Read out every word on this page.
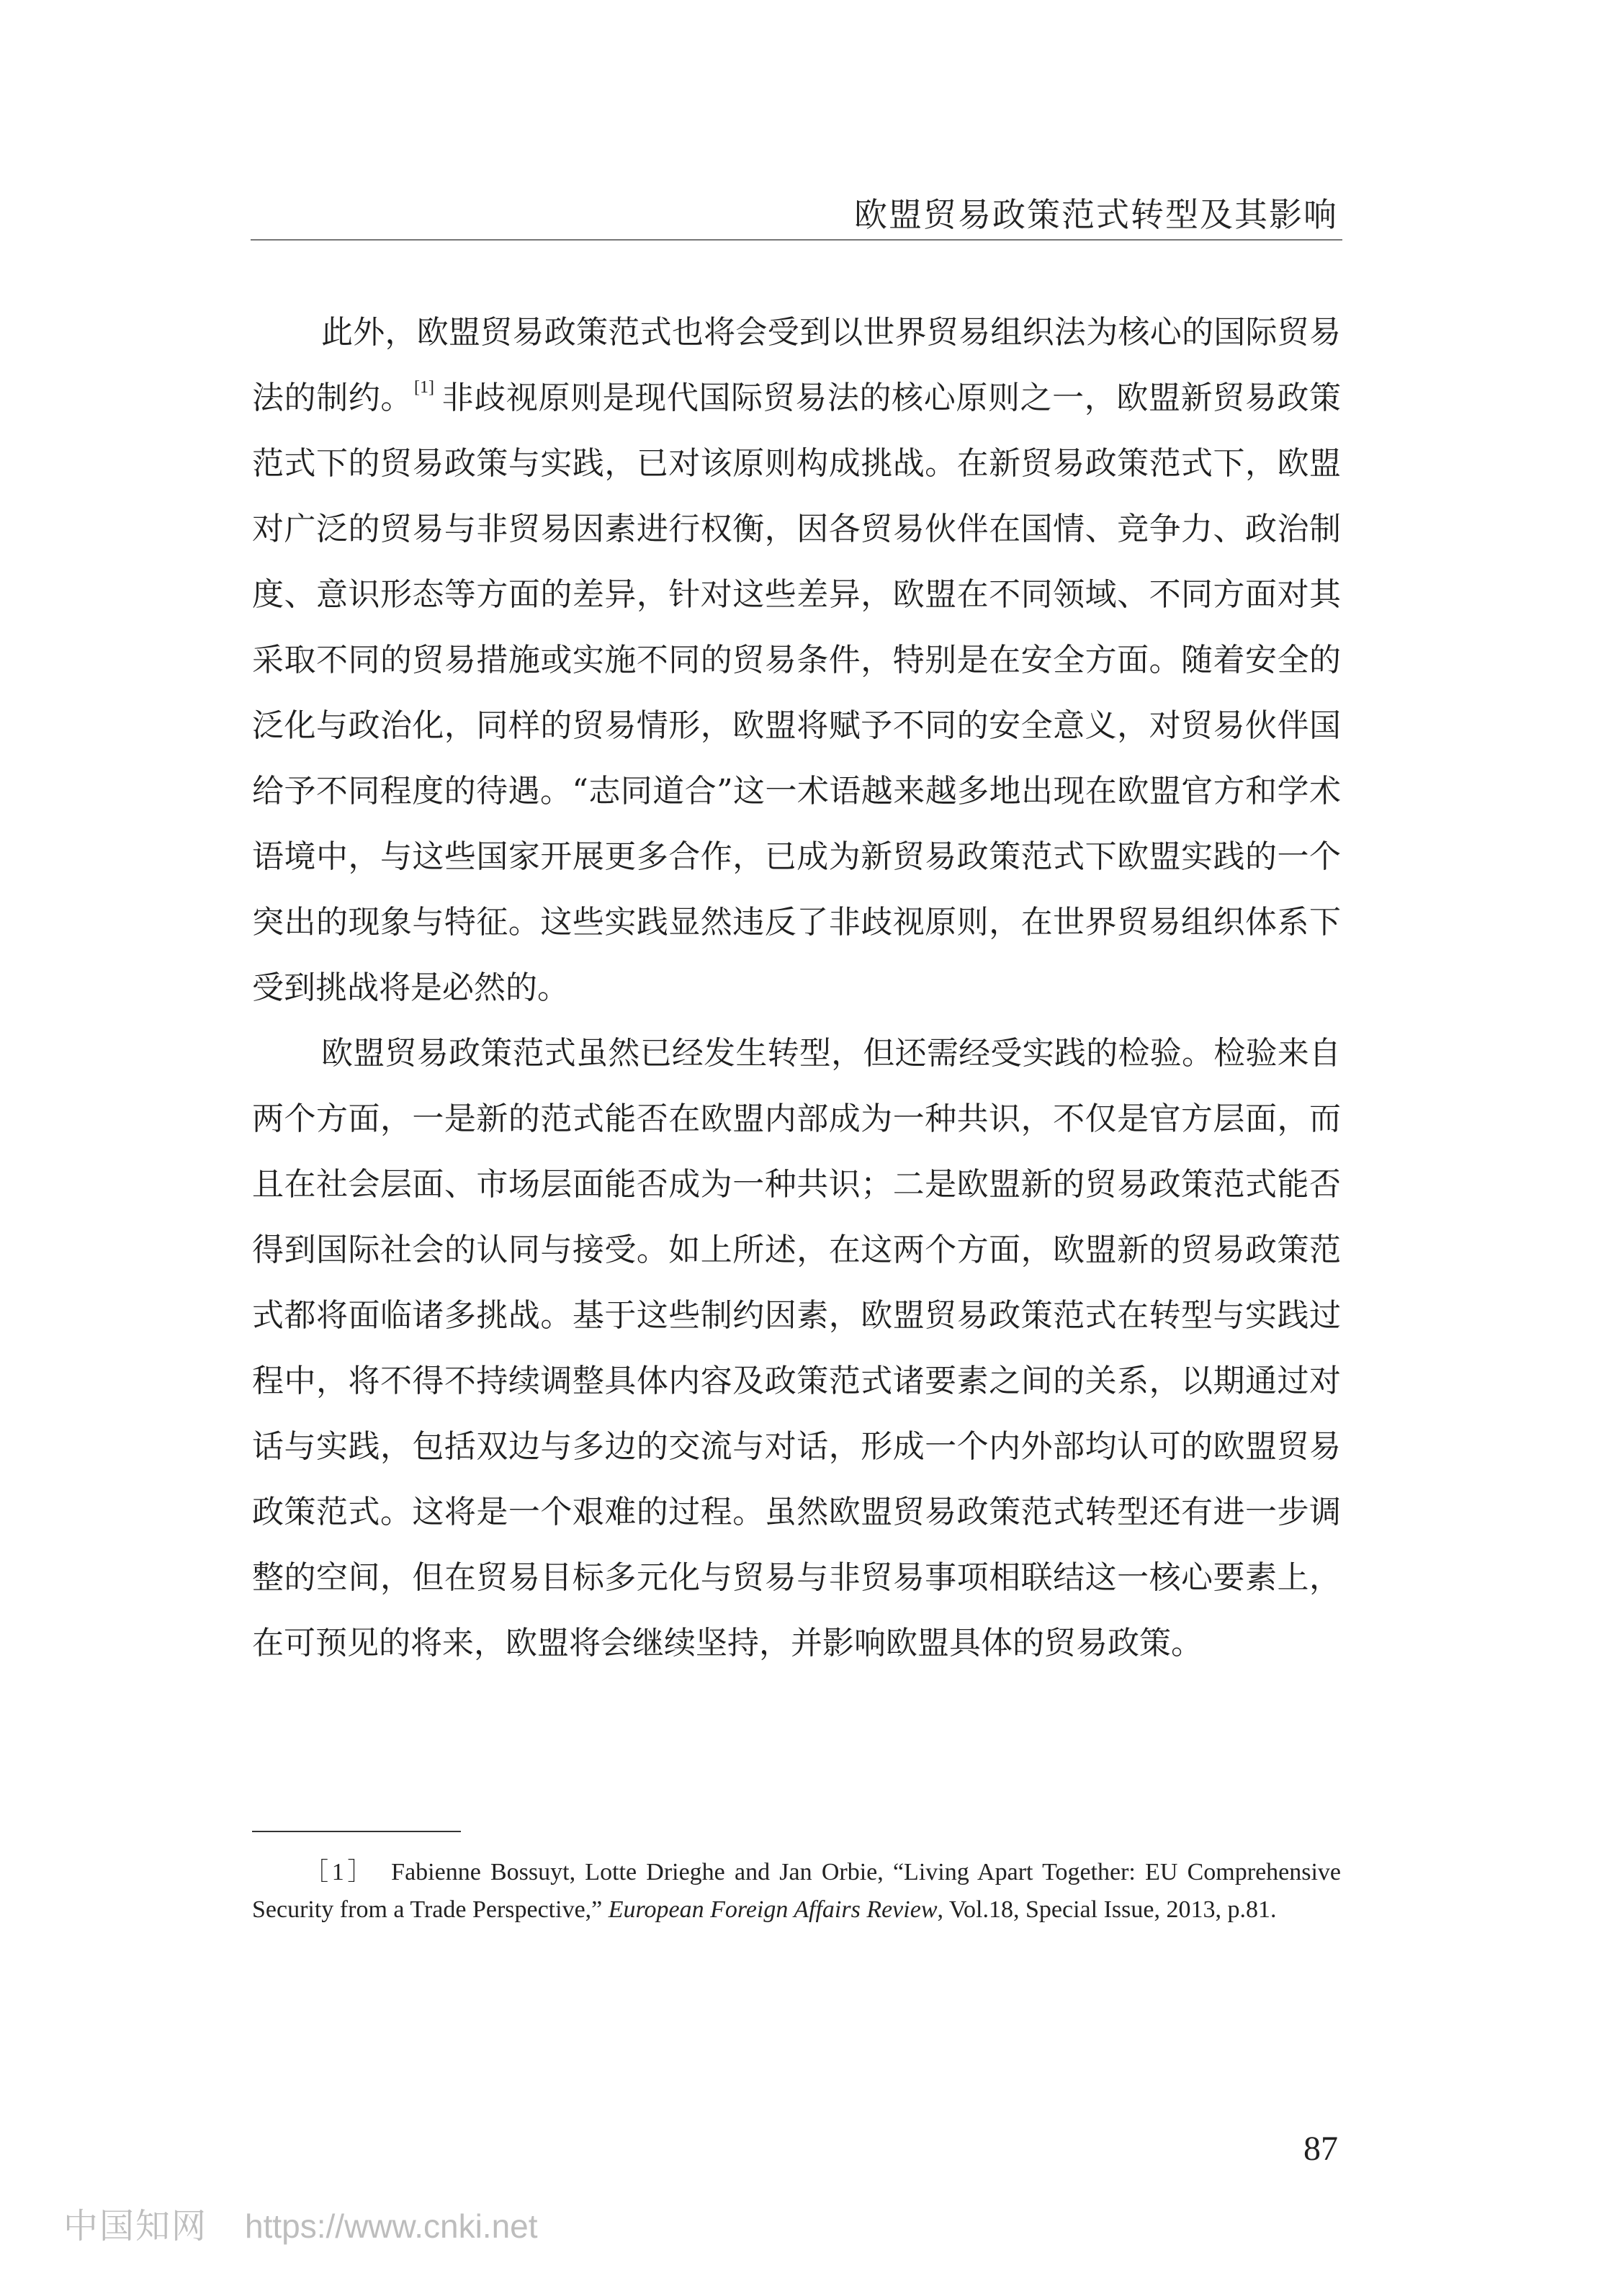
欧盟贸易政策范式转型及其影响

此外，欧盟贸易政策范式也将会受到以世界贸易组织法为核心的国际贸易法的制约。[1] 非歧视原则是现代国际贸易法的核心原则之一，欧盟新贸易政策范式下的贸易政策与实践，已对该原则构成挑战。在新贸易政策范式下，欧盟对广泛的贸易与非贸易因素进行权衡，因各贸易伙伴在国情、竞争力、政治制度、意识形态等方面的差异，针对这些差异，欧盟在不同领域、不同方面对其采取不同的贸易措施或实施不同的贸易条件，特别是在安全方面。随着安全的泛化与政治化，同样的贸易情形，欧盟将赋予不同的安全意义，对贸易伙伴国给予不同程度的待遇。“志同道合”这一术语越来越多地出现在欧盟官方和学术语境中，与这些国家开展更多合作，已成为新贸易政策范式下欧盟实践的一个突出的现象与特征。这些实践显然违反了非歧视原则，在世界贸易组织体系下受到挑战将是必然的。

欧盟贸易政策范式虽然已经发生转型，但还需经受实践的检验。检验来自两个方面，一是新的范式能否在欧盟内部成为一种共识，不仅是官方层面，而且在社会层面、市场层面能否成为一种共识；二是欧盟新的贸易政策范式能否得到国际社会的认同与接受。如上所述，在这两个方面，欧盟新的贸易政策范式都将面临诸多挑战。基于这些制约因素，欧盟贸易政策范式在转型与实践过程中，将不得不持续调整具体内容及政策范式诸要素之间的关系，以期通过对话与实践，包括双边与多边的交流与对话，形成一个内外部均认可的欧盟贸易政策范式。这将是一个艰难的过程。虽然欧盟贸易政策范式转型还有进一步调整的空间，但在贸易目标多元化与贸易与非贸易事项相联结这一核心要素上，在可预见的将来，欧盟将会继续坚持，并影响欧盟具体的贸易政策。

［1］ Fabienne Bossuyt, Lotte Drieghe and Jan Orbie, “Living Apart Together: EU Comprehensive Security from a Trade Perspective,” European Foreign Affairs Review, Vol.18, Special Issue, 2013, p.81.
87
中国知网 https://www.cnki.net
